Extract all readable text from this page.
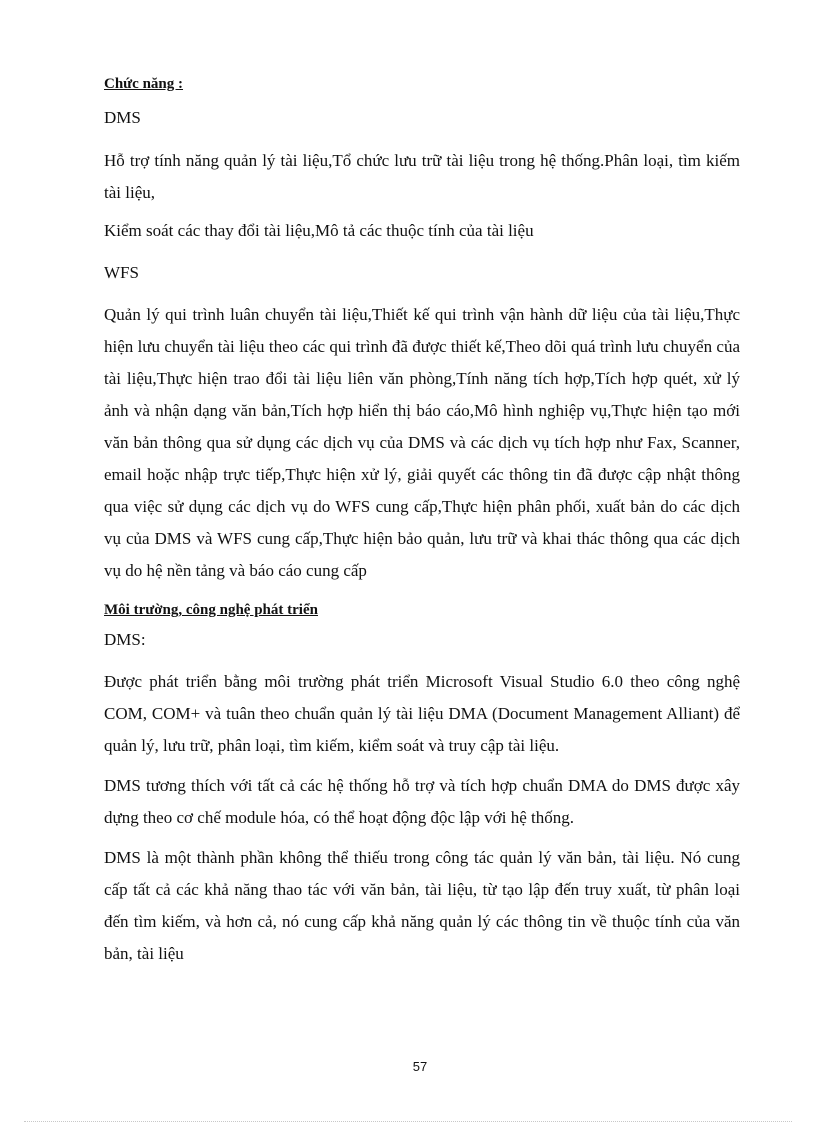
Chức năng :

DMS

Hỗ trợ tính năng quản lý tài liệu,Tổ chức lưu trữ tài liệu trong hệ thống.Phân loại, tìm kiếm tài liệu,

Kiểm soát các thay đổi tài liệu,Mô tả các thuộc tính của tài liệu

WFS

Quản lý qui trình luân chuyển tài liệu,Thiết kế qui trình vận hành dữ liệu của tài liệu,Thực hiện lưu chuyển tài liệu theo các qui trình đã được thiết kế,Theo dõi quá trình lưu chuyển của tài liệu,Thực hiện trao đổi tài liệu liên văn phòng,Tính năng tích hợp,Tích hợp quét, xử lý ảnh và nhận dạng văn bản,Tích hợp hiển thị báo cáo,Mô hình nghiệp vụ,Thực hiện tạo mới văn bản thông qua sử dụng các dịch vụ của DMS và các dịch vụ tích hợp như Fax, Scanner, email hoặc nhập trực tiếp,Thực hiện xử lý, giải quyết các thông tin đã được cập nhật thông qua việc sử dụng các dịch vụ do WFS cung cấp,Thực hiện phân phối, xuất bản do các dịch vụ của DMS và WFS cung cấp,Thực hiện bảo quản, lưu trữ và khai thác thông qua các dịch vụ do hệ nền tảng và báo cáo cung cấp

Môi trường, công nghệ phát triển

DMS:

Được phát triển bằng môi trường phát triển Microsoft Visual Studio 6.0 theo công nghệ COM, COM+ và tuân theo chuẩn quản lý tài liệu DMA (Document Management Alliant) để quản lý, lưu trữ, phân loại, tìm kiếm, kiểm soát và truy cập tài liệu.

DMS tương thích với tất cả các hệ thống hỗ trợ và tích hợp chuẩn DMA do DMS được xây dựng theo cơ chế module hóa, có thể hoạt động độc lập với hệ thống.

DMS là một thành phần không thể thiếu trong công tác quản lý văn bản, tài liệu. Nó cung cấp tất cả các khả năng thao tác với văn bản, tài liệu, từ tạo lập đến truy xuất, từ phân loại đến tìm kiếm, và hơn cả, nó cung cấp khả năng quản lý các thông tin về thuộc tính của văn bản, tài liệu

57
